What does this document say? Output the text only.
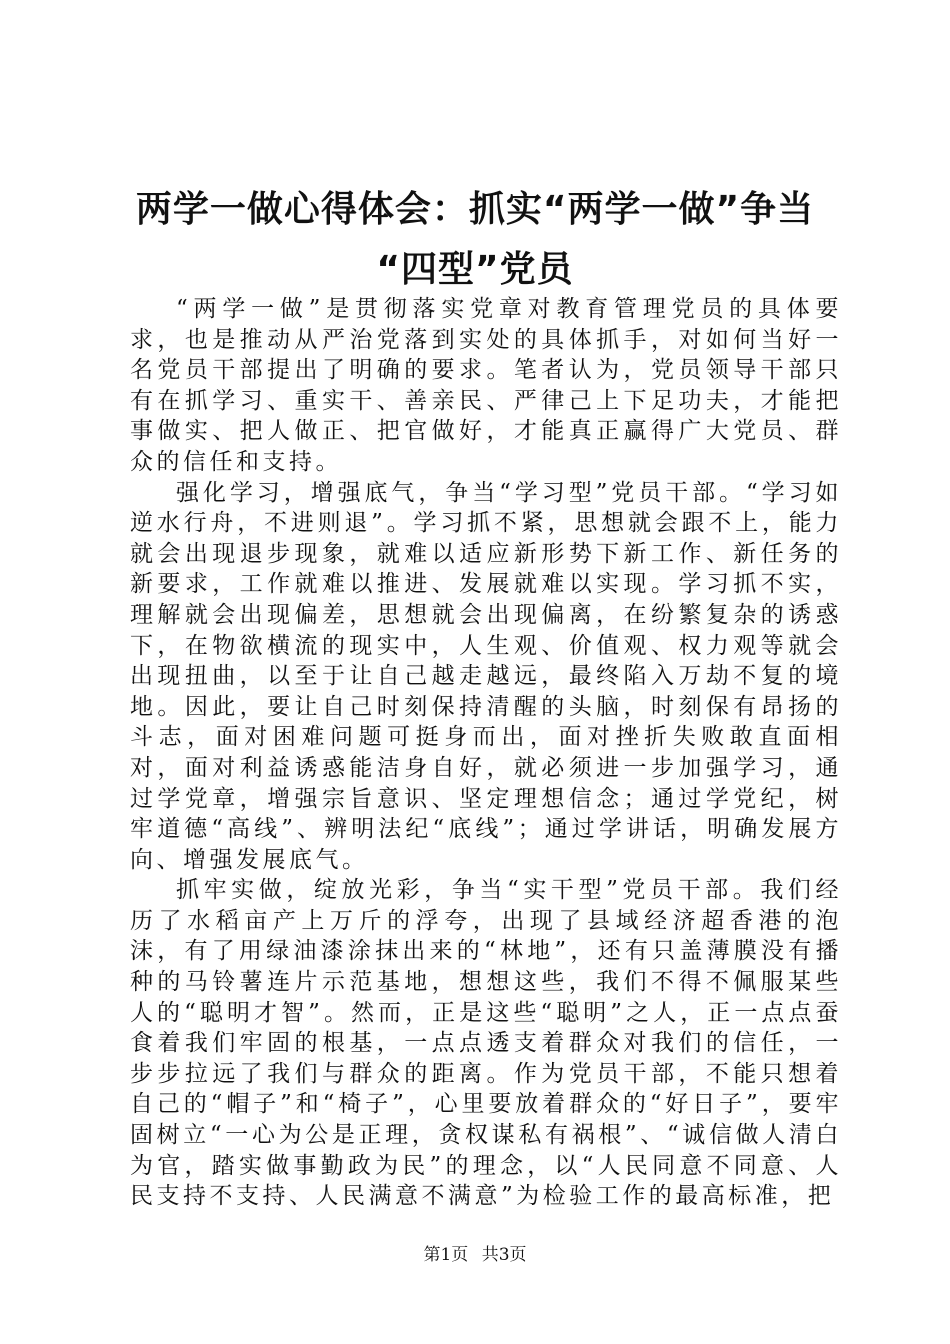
两学一做心得体会：抓实“两学一做”争当
“四型”党员

“两学一做”是贯彻落实党章对教育管理党员的具体要求，也是推动从严治党落到实处的具体抓手，对如何当好一名党员干部提出了明确的要求。笔者认为，党员领导干部只有在抓学习、重实干、善亲民、严律己上下足功夫，才能把事做实、把人做正、把官做好，才能真正赢得广大党员、群众的信任和支持。

强化学习，增强底气，争当“学习型”党员干部。“学习如逆水行舟，不进则退”。学习抓不紧，思想就会跟不上，能力就会出现退步现象，就难以适应新形势下新工作、新任务的新要求，工作就难以推进、发展就难以实现。学习抓不实，理解就会出现偏差，思想就会出现偏离，在纷繁复杂的诱惑下，在物欲横流的现实中，人生观、价值观、权力观等就会出现扭曲，以至于让自己越走越远，最终陷入万劫不复的境地。因此，要让自己时刻保持清醒的头脑，时刻保有昂扬的斗志，面对困难问题可挺身而出，面对挫折失败敢直面相对，面对利益诱惑能洁身自好，就必须进一步加强学习，通过学党章，增强宗旨意识、坚定理想信念；通过学党纪，树牢道德“高线”、辨明法纪“底线”；通过学讲话，明确发展方向、增强发展底气。

抓牢实做，绽放光彩，争当“实干型”党员干部。我们经历了水稻亩产上万斤的浮夸，出现了县域经济超香港的泡沫，有了用绿油漆涂抹出来的“林地”，还有只盖薄膜没有播种的马铃薯连片示范基地，想想这些，我们不得不佩服某些人的“聪明才智”。然而，正是这些“聪明”之人，正一点点蚕食着我们牢固的根基，一点点透支着群众对我们的信任，一步步拉远了我们与群众的距离。作为党员干部，不能只想着自己的“帽子”和“椅子”，心里要放着群众的“好日子”，要牢固树立“一心为公是正理，贪权谋私有祸根”、“诚信做人清白为官，踏实做事勤政为民”的理念，以“人民同意不同意、人民支持不支持、人民满意不满意”为检验工作的最高标准，把

第1页 共3页
